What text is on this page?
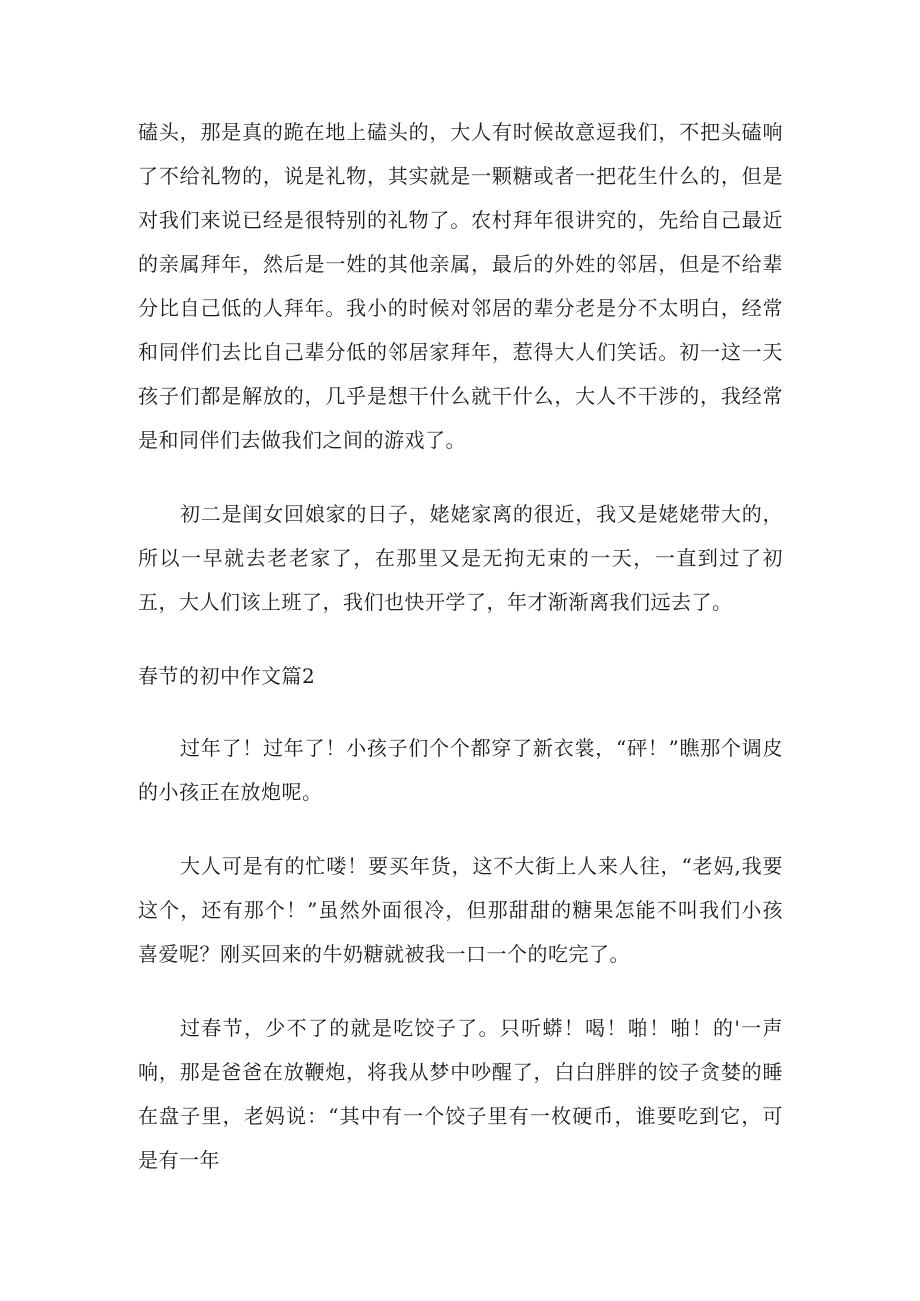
磕头，那是真的跪在地上磕头的，大人有时候故意逗我们，不把头磕响了不给礼物的，说是礼物，其实就是一颗糖或者一把花生什么的，但是对我们来说已经是很特别的礼物了。农村拜年很讲究的，先给自己最近的亲属拜年，然后是一姓的其他亲属，最后的外姓的邻居，但是不给辈分比自己低的人拜年。我小的时候对邻居的辈分老是分不太明白，经常和同伴们去比自己辈分低的邻居家拜年，惹得大人们笑话。初一这一天孩子们都是解放的，几乎是想干什么就干什么，大人不干涉的，我经常是和同伴们去做我们之间的游戏了。

初二是闺女回娘家的日子，姥姥家离的很近，我又是姥姥带大的，所以一早就去老老家了，在那里又是无拘无束的一天，一直到过了初五，大人们该上班了，我们也快开学了，年才渐渐离我们远去了。

春节的初中作文篇2

过年了！过年了！小孩子们个个都穿了新衣裳，“砰！”瞧那个调皮的小孩正在放炮呢。

大人可是有的忙喽！要买年货，这不大街上人来人往，“老妈,我要这个，还有那个！”虽然外面很冷，但那甜甜的糖果怎能不叫我们小孩喜爱呢？刚买回来的牛奶糖就被我一口一个的吃完了。

过春节，少不了的就是吃饺子了。只听蟒！喝！啪！啪！的'一声响，那是爸爸在放鞭炮，将我从梦中吵醒了，白白胖胖的饺子贪婪的睡在盘子里，老妈说：“其中有一个饺子里有一枚硬币，谁要吃到它，可是有一年
